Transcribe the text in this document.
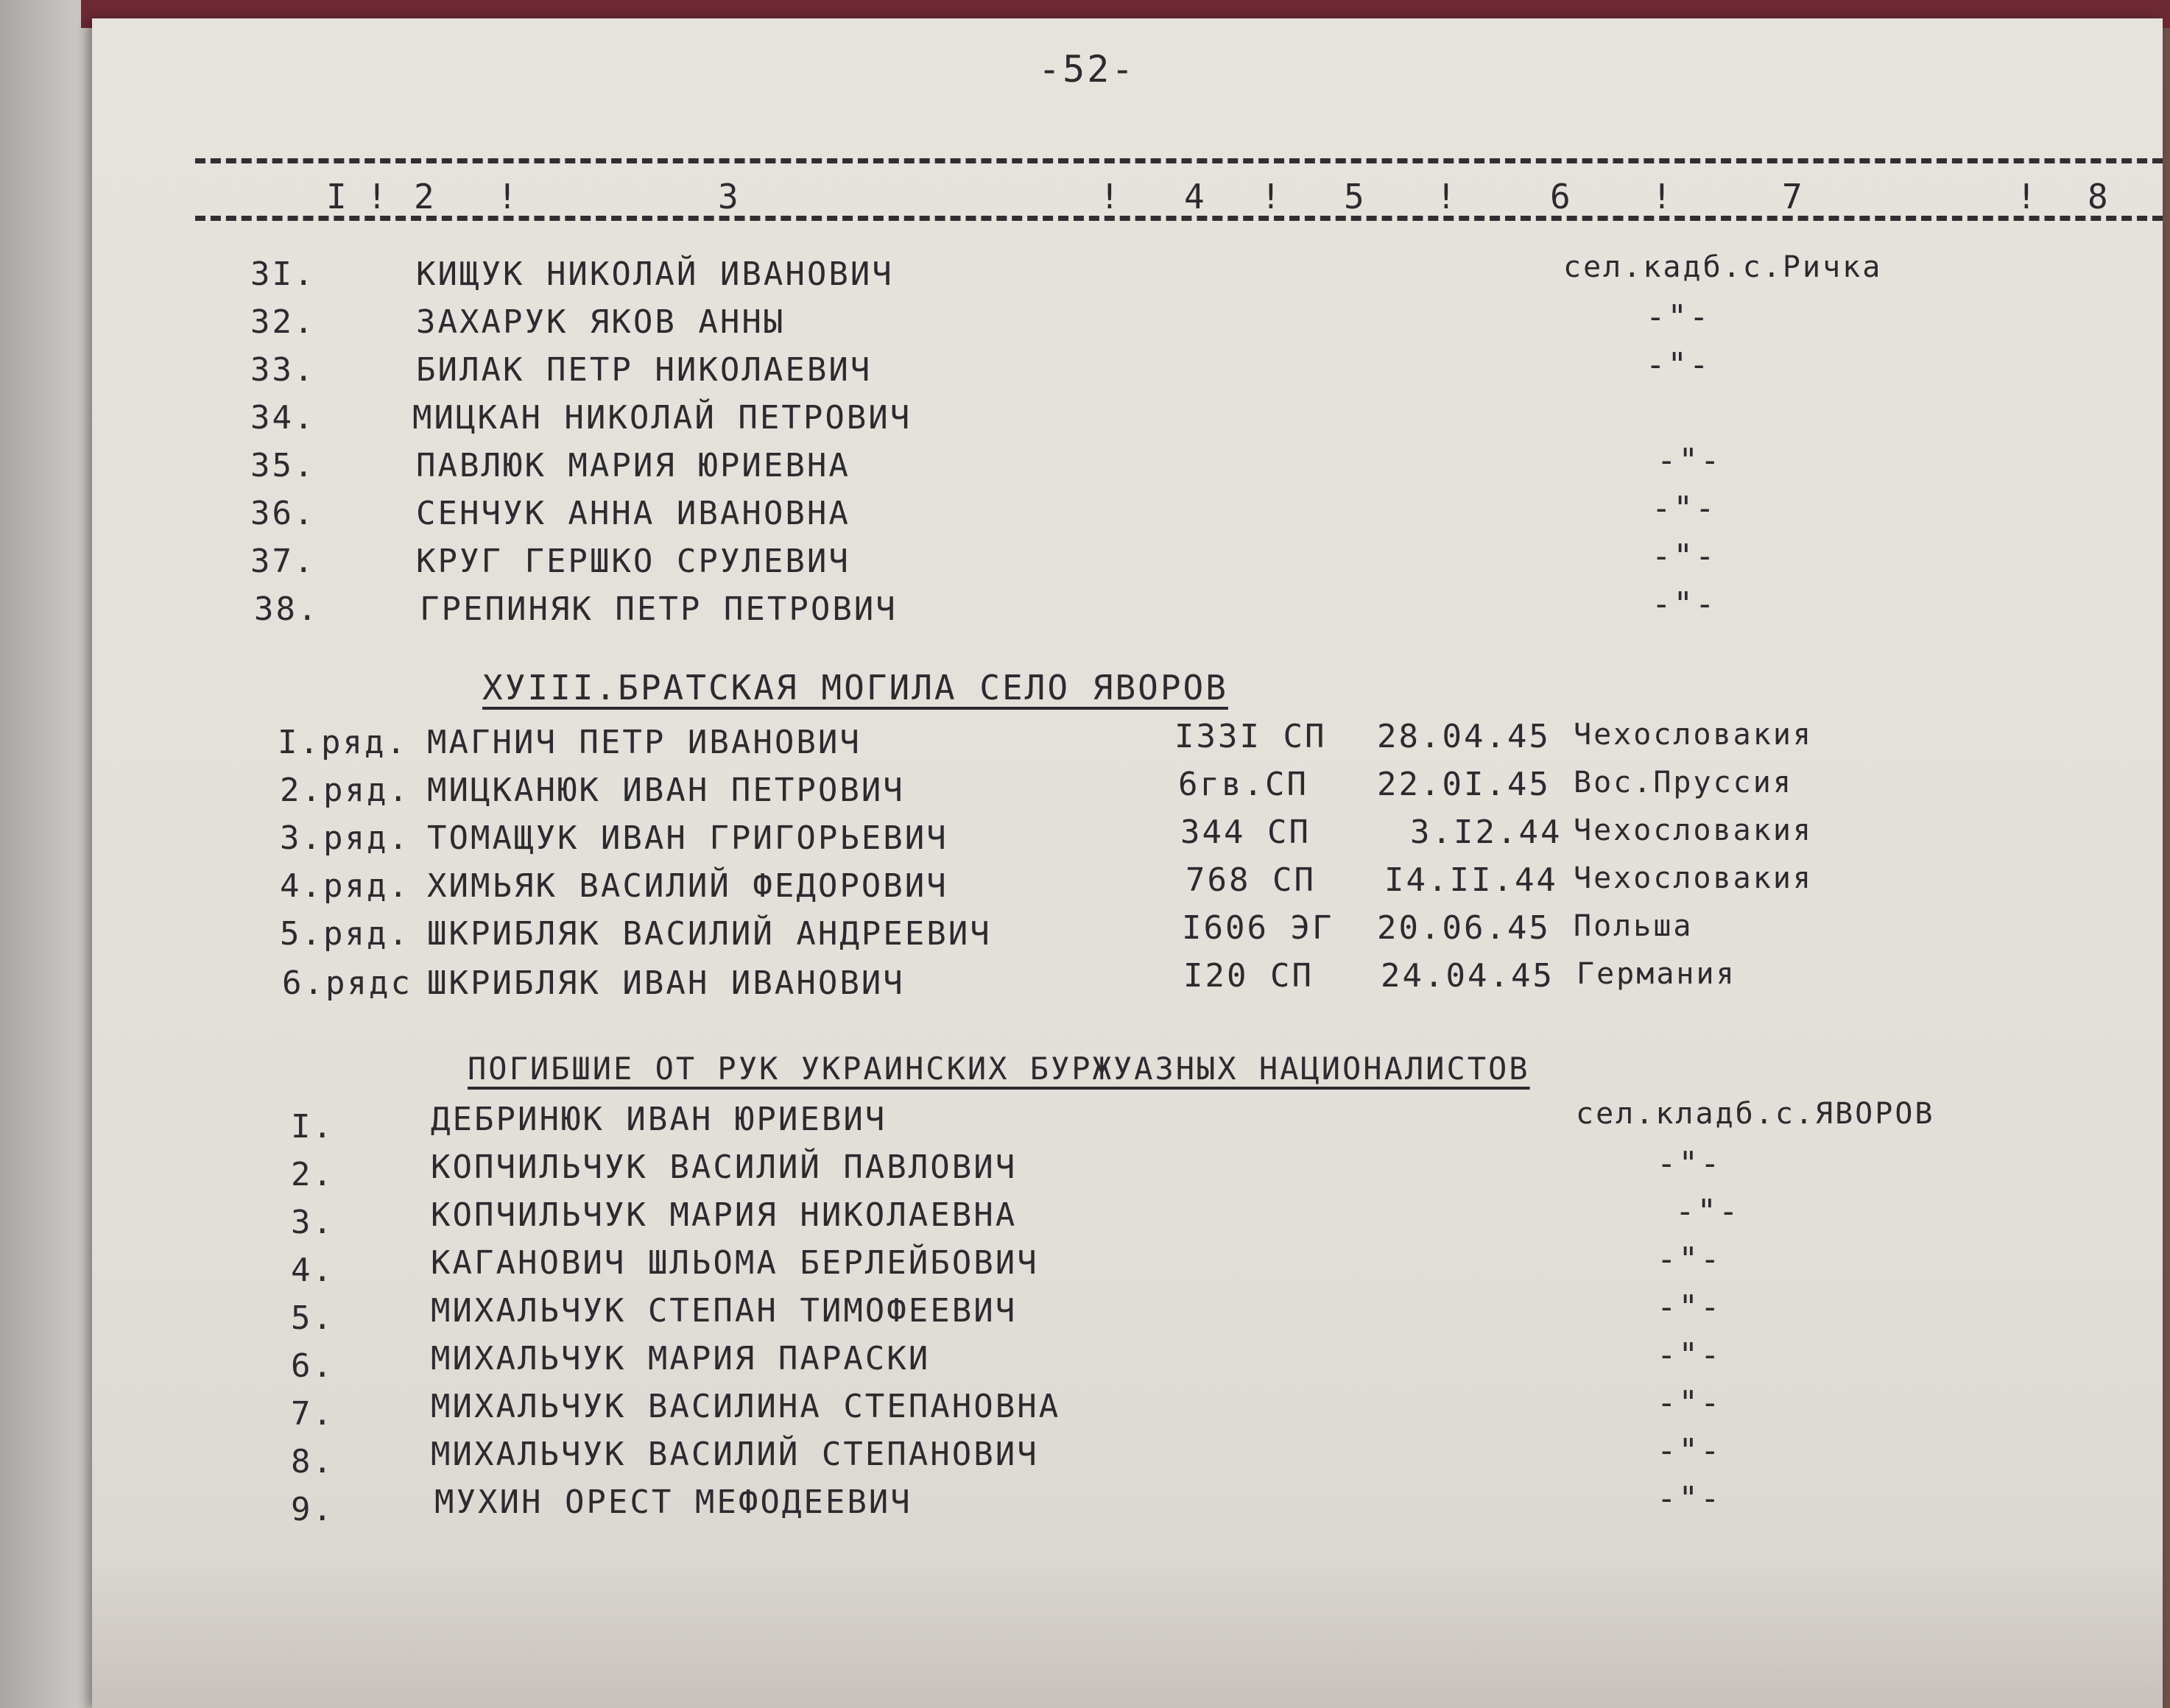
-52-
I ! 2 !	3	! 4 ! 5 !	6 !	7	! 8
3I.	КИЩУК НИКОЛАЙ ИВАНОВИЧ	сел.кадб.с.Ричка
32.	ЗАХАРУК ЯКОВ АННЫ	-"-
33.	БИЛАК ПЕТР НИКОЛАЕВИЧ	-"-
34.	МИЦКАН НИКОЛАЙ ПЕТРОВИЧ
35.	ПАВЛЮК МАРИЯ ЮРИЕВНА	-"-
36.	СЕНЧУК АННА ИВАНОВНА	-"-
37.	КРУГ ГЕРШКО СРУЛЕВИЧ	-"-
38.	ГРЕПИНЯК ПЕТР ПЕТРОВИЧ	-"-
ХУIII.БРАТСКАЯ МОГИЛА СЕЛО ЯВОРОВ
I.ряд. МАГНИЧ ПЕТР ИВАНОВИЧ	I33I СП 28.04.45 Чехословакия
2.ряд. МИЦКАНЮК ИВАН ПЕТРОВИЧ	6гв.СП 22.0I.45 Вос.Пруссия
3.ряд. ТОМАЩУК ИВАН ГРИГОРЬЕВИЧ	344 СП	3.I2.44 Чехословакия
4.ряд. ХИМЬЯК ВАСИЛИЙ ФЕДОРОВИЧ	768 СП I4.II.44 Чехословакия
5.ряд. ШКРИБЛЯК ВАСИЛИЙ АНДРЕЕВИЧ	I606 ЭГ 20.06.45 Польша
6.рядс ШКРИБЛЯК ИВАН ИВАНОВИЧ	I20 СП 24.04.45 Германия
ПОГИБШИЕ ОТ РУК УКРАИНСКИХ БУРЖУАЗНЫХ НАЦИОНАЛИСТОВ
I.	ДЕБРИНЮК ИВАН ЮРИЕВИЧ	сел.кладб.с.ЯВОРОВ
2.	КОПЧИЛЬЧУК ВАСИЛИЙ ПАВЛОВИЧ	-"-
3.	КОПЧИЛЬЧУК МАРИЯ НИКОЛАЕВНА	-"-
4.	КАГАНОВИЧ ШЛЬОМА БЕРЛЕЙБОВИЧ	-"-
5.	МИХАЛЬЧУК СТЕПАН ТИМОФЕЕВИЧ	-"-
6.	МИХАЛЬЧУК МАРИЯ ПАРАСКИ	-"-
7.	МИХАЛЬЧУК ВАСИЛИНА СТЕПАНОВНА	-"-
8.	МИХАЛЬЧУК ВАСИЛИЙ СТЕПАНОВИЧ	-"-
9.	МУХИН ОРЕСТ МЕФОДЕЕВИЧ	-"-
